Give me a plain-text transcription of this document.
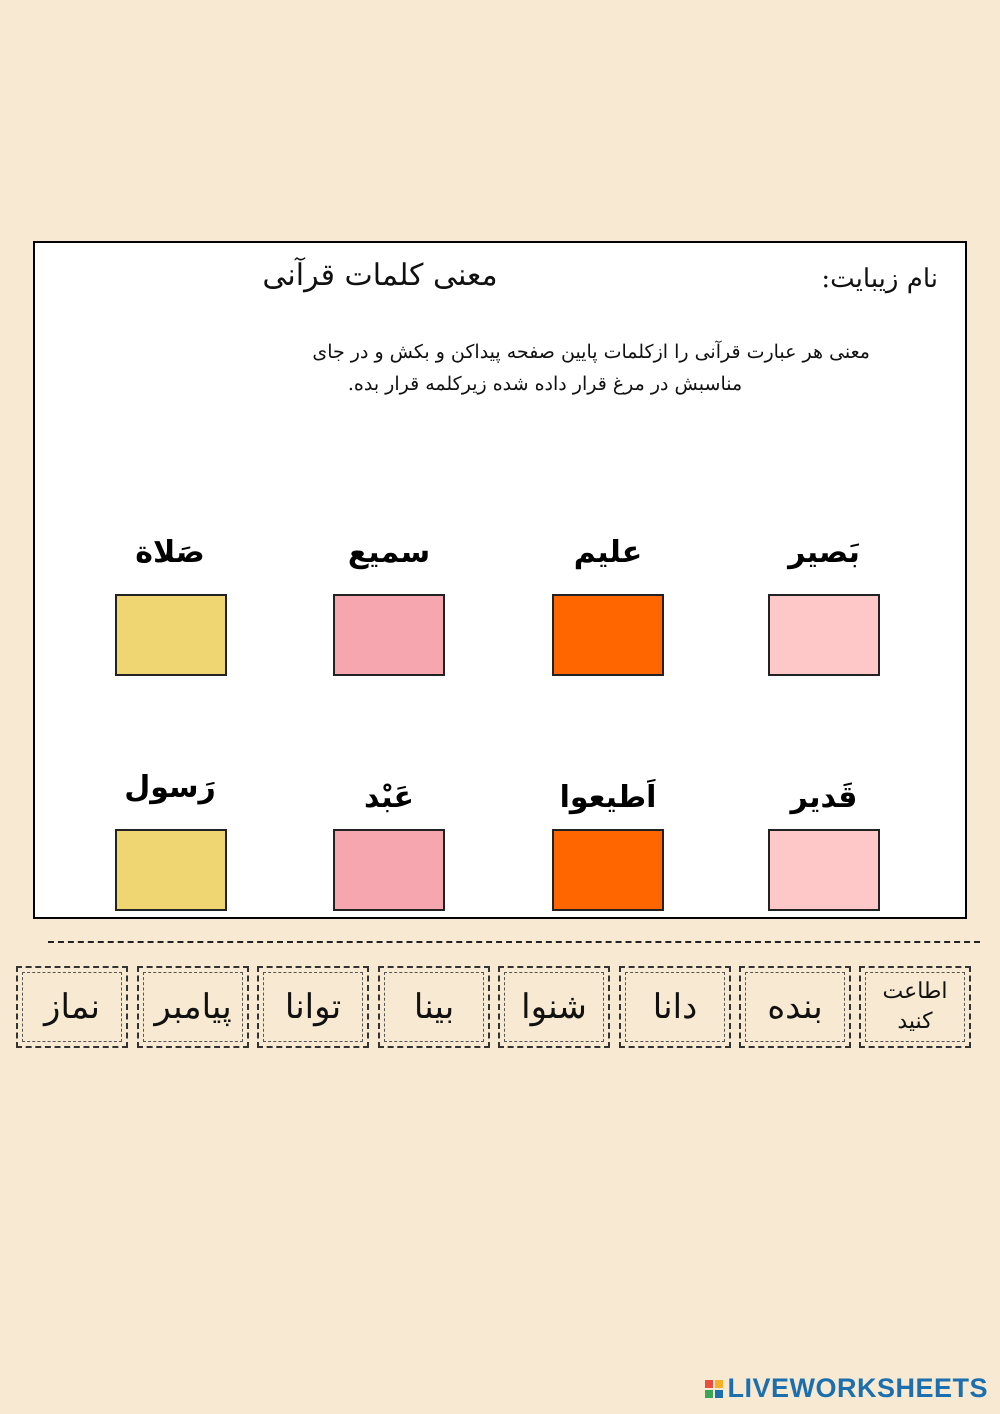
معنی کلمات قرآنی	نام زیبایت:
معنی هر عبارت قرآنی را ازکلمات پایین صفحه پیداکن و بکش و در جای
مناسبش در مرغ قرار داده شده زیرکلمه قرار بده.
بَصیر
علیم
سمیع
صَلاة
قَدیر
اَطیعوا
عَبْد
رَسول
اطاعت
کنید
بنده
دانا
شنوا
بینا
توانا
پیامبر
نماز
LIVEWORKSHEETS
